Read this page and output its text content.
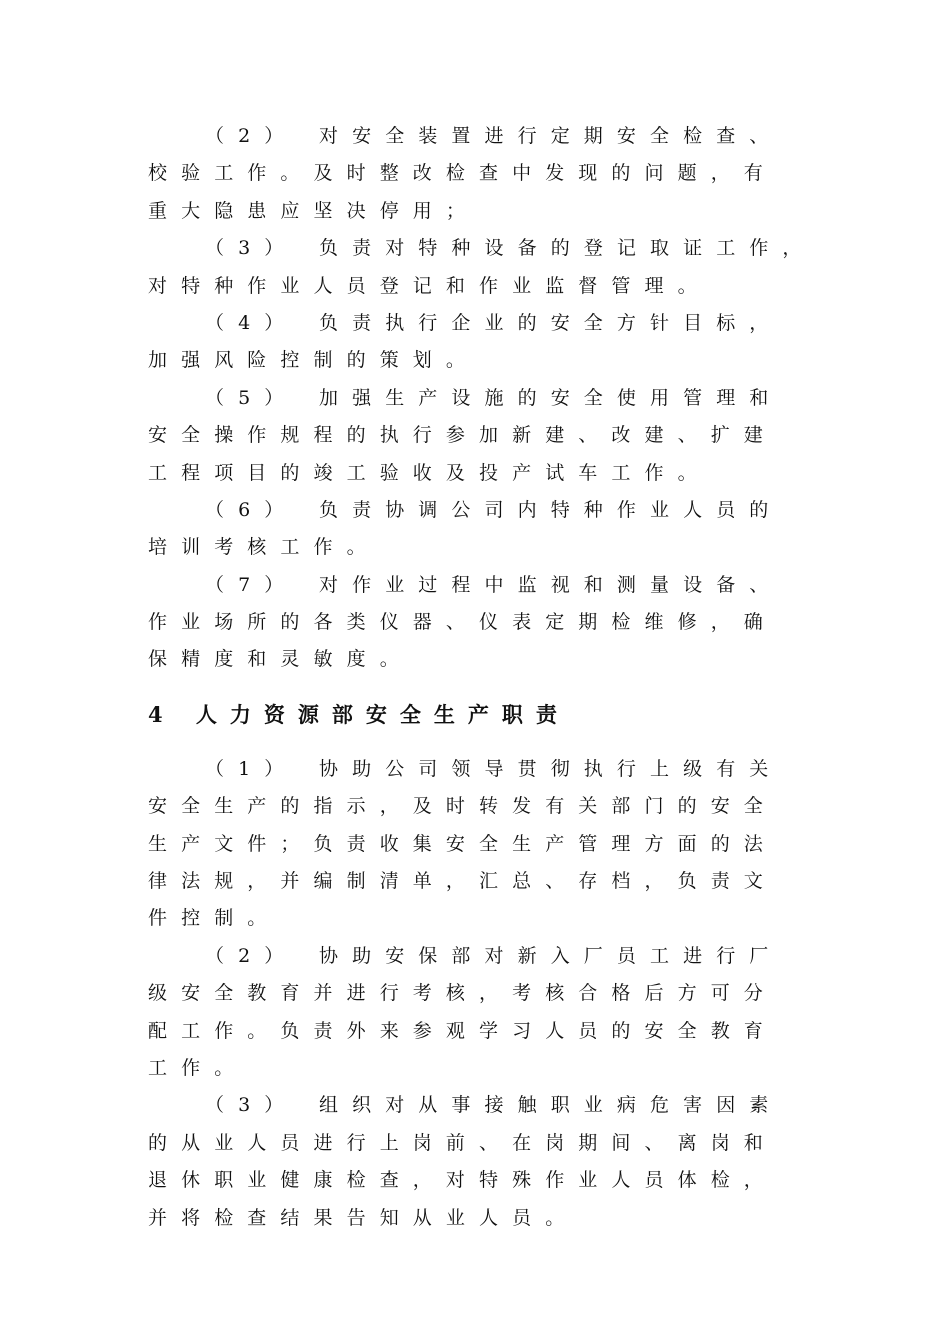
（2） 对安全装置进行定期安全检查、
校验工作。及时整改检查中发现的问题，有
重大隐患应坚决停用；
（3） 负责对特种设备的登记取证工作，
对特种作业人员登记和作业监督管理。
（4） 负责执行企业的安全方针目标，
加强风险控制的策划。
（5） 加强生产设施的安全使用管理和
安全操作规程的执行参加新建、改建、扩建
工程项目的竣工验收及投产试车工作。
（6） 负责协调公司内特种作业人员的
培训考核工作。
（7） 对作业过程中监视和测量设备、
作业场所的各类仪器、仪表定期检维修，确
保精度和灵敏度。
4 人力资源部安全生产职责
（1） 协助公司领导贯彻执行上级有关
安全生产的指示，及时转发有关部门的安全
生产文件；负责收集安全生产管理方面的法
律法规，并编制清单，汇总、存档，负责文
件控制。
（2） 协助安保部对新入厂员工进行厂
级安全教育并进行考核，考核合格后方可分
配工作。负责外来参观学习人员的安全教育
工作。
（3） 组织对从事接触职业病危害因素
的从业人员进行上岗前、在岗期间、离岗和
退休职业健康检查，对特殊作业人员体检，
并将检查结果告知从业人员。
